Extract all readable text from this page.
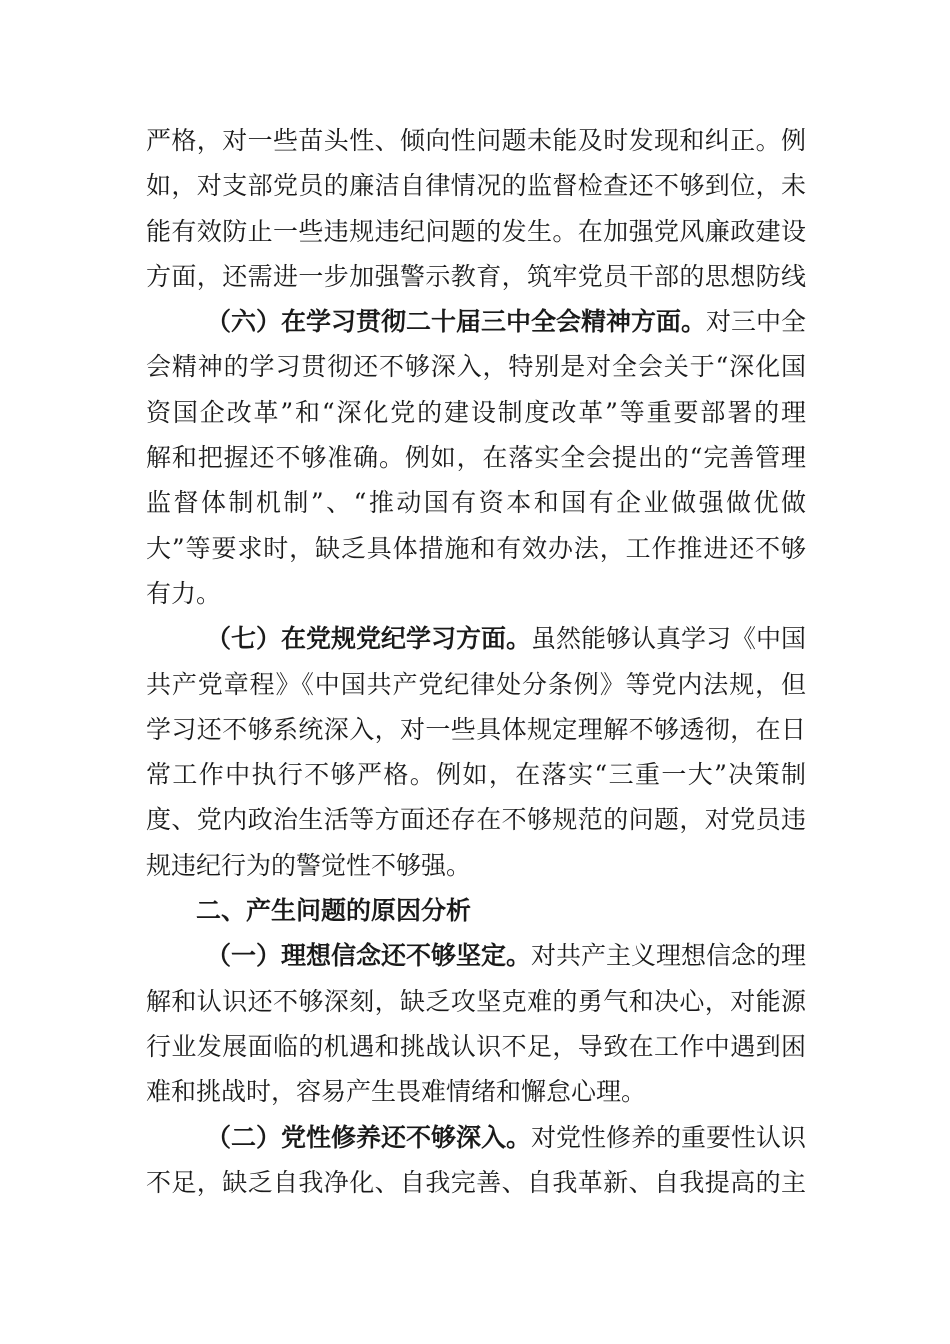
严格，对一些苗头性、倾向性问题未能及时发现和纠正。例
如，对支部党员的廉洁自律情况的监督检查还不够到位，未
能有效防止一些违规违纪问题的发生。在加强党风廉政建设
方面，还需进一步加强警示教育，筑牢党员干部的思想防线
（六）在学习贯彻二十届三中全会精神方面。对三中全
会精神的学习贯彻还不够深入，特别是对全会关于“深化国
资国企改革”和“深化党的建设制度改革”等重要部署的理
解和把握还不够准确。例如，在落实全会提出的“完善管理
监督体制机制”、“推动国有资本和国有企业做强做优做
大”等要求时，缺乏具体措施和有效办法，工作推进还不够
有力。
（七）在党规党纪学习方面。虽然能够认真学习《中国
共产党章程》《中国共产党纪律处分条例》等党内法规，但
学习还不够系统深入，对一些具体规定理解不够透彻，在日
常工作中执行不够严格。例如，在落实“三重一大”决策制
度、党内政治生活等方面还存在不够规范的问题，对党员违
规违纪行为的警觉性不够强。
二、产生问题的原因分析
（一）理想信念还不够坚定。对共产主义理想信念的理
解和认识还不够深刻，缺乏攻坚克难的勇气和决心，对能源
行业发展面临的机遇和挑战认识不足，导致在工作中遇到困
难和挑战时，容易产生畏难情绪和懈怠心理。
（二）党性修养还不够深入。对党性修养的重要性认识
不足，缺乏自我净化、自我完善、自我革新、自我提高的主
